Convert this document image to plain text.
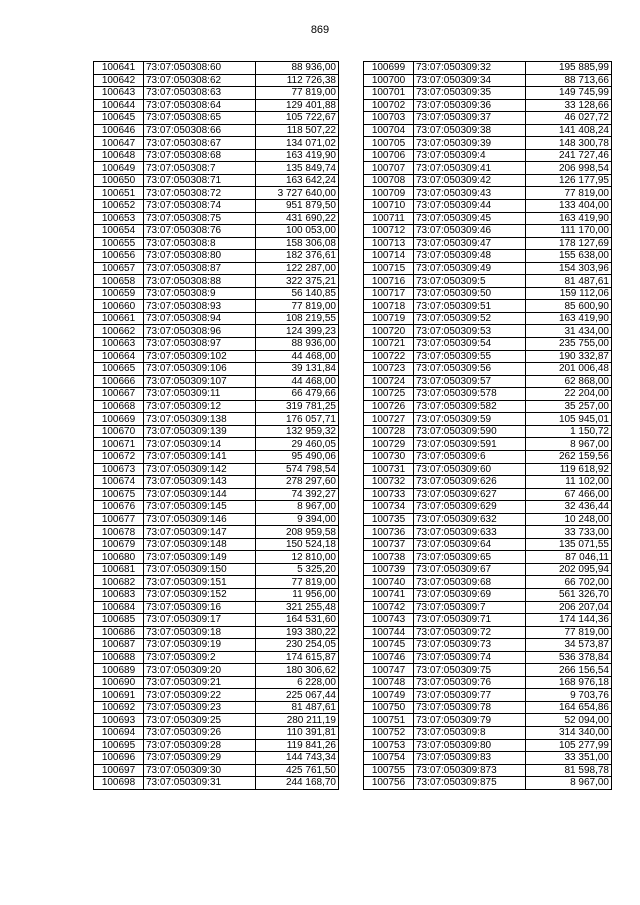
869
100641	73:07:050308:60	88 936,00
100642	73:07:050308:62	112 726,38
100643	73:07:050308:63	77 819,00
100644	73:07:050308:64	129 401,88
100645	73:07:050308:65	105 722,67
100646	73:07:050308:66	118 507,22
100647	73:07:050308:67	134 071,02
100648	73:07:050308:68	163 419,90
100649	73:07:050308:7	135 849,74
100650	73:07:050308:71	163 642,24
100651	73:07:050308:72	3 727 640,00
100652	73:07:050308:74	951 879,50
100653	73:07:050308:75	431 690,22
100654	73:07:050308:76	100 053,00
100655	73:07:050308:8	158 306,08
100656	73:07:050308:80	182 376,61
100657	73:07:050308:87	122 287,00
100658	73:07:050308:88	322 375,21
100659	73:07:050308:9	56 140,85
100660	73:07:050308:93	77 819,00
100661	73:07:050308:94	108 219,55
100662	73:07:050308:96	124 399,23
100663	73:07:050308:97	88 936,00
100664	73:07:050309:102	44 468,00
100665	73:07:050309:106	39 131,84
100666	73:07:050309:107	44 468,00
100667	73:07:050309:11	66 479,66
100668	73:07:050309:12	319 781,25
100669	73:07:050309:138	176 057,71
100670	73:07:050309:139	132 959,32
100671	73:07:050309:14	29 460,05
100672	73:07:050309:141	95 490,06
100673	73:07:050309:142	574 798,54
100674	73:07:050309:143	278 297,60
100675	73:07:050309:144	74 392,27
100676	73:07:050309:145	8 967,00
100677	73:07:050309:146	9 394,00
100678	73:07:050309:147	208 959,58
100679	73:07:050309:148	150 524,18
100680	73:07:050309:149	12 810,00
100681	73:07:050309:150	5 325,20
100682	73:07:050309:151	77 819,00
100683	73:07:050309:152	11 956,00
100684	73:07:050309:16	321 255,48
100685	73:07:050309:17	164 531,60
100686	73:07:050309:18	193 380,22
100687	73:07:050309:19	230 254,05
100688	73:07:050309:2	174 615,87
100689	73:07:050309:20	180 306,62
100690	73:07:050309:21	6 228,00
100691	73:07:050309:22	225 067,44
100692	73:07:050309:23	81 487,61
100693	73:07:050309:25	280 211,19
100694	73:07:050309:26	110 391,81
100695	73:07:050309:28	119 841,26
100696	73:07:050309:29	144 743,34
100697	73:07:050309:30	425 761,50
100698	73:07:050309:31	244 168,70
100699	73:07:050309:32	195 885,99
100700	73:07:050309:34	88 713,66
100701	73:07:050309:35	149 745,99
100702	73:07:050309:36	33 128,66
100703	73:07:050309:37	46 027,72
100704	73:07:050309:38	141 408,24
100705	73:07:050309:39	148 300,78
100706	73:07:050309:4	241 727,46
100707	73:07:050309:41	206 998,54
100708	73:07:050309:42	126 177,95
100709	73:07:050309:43	77 819,00
100710	73:07:050309:44	133 404,00
100711	73:07:050309:45	163 419,90
100712	73:07:050309:46	111 170,00
100713	73:07:050309:47	178 127,69
100714	73:07:050309:48	155 638,00
100715	73:07:050309:49	154 303,96
100716	73:07:050309:5	81 487,61
100717	73:07:050309:50	159 112,06
100718	73:07:050309:51	85 600,90
100719	73:07:050309:52	163 419,90
100720	73:07:050309:53	31 434,00
100721	73:07:050309:54	235 755,00
100722	73:07:050309:55	190 332,87
100723	73:07:050309:56	201 006,48
100724	73:07:050309:57	62 868,00
100725	73:07:050309:578	22 204,00
100726	73:07:050309:582	35 257,00
100727	73:07:050309:59	105 945,01
100728	73:07:050309:590	1 150,72
100729	73:07:050309:591	8 967,00
100730	73:07:050309:6	262 159,56
100731	73:07:050309:60	119 618,92
100732	73:07:050309:626	11 102,00
100733	73:07:050309:627	67 466,00
100734	73:07:050309:629	32 436,44
100735	73:07:050309:632	10 248,00
100736	73:07:050309:633	33 733,00
100737	73:07:050309:64	135 071,55
100738	73:07:050309:65	87 046,11
100739	73:07:050309:67	202 095,94
100740	73:07:050309:68	66 702,00
100741	73:07:050309:69	561 326,70
100742	73:07:050309:7	206 207,04
100743	73:07:050309:71	174 144,36
100744	73:07:050309:72	77 819,00
100745	73:07:050309:73	34 573,87
100746	73:07:050309:74	536 378,84
100747	73:07:050309:75	266 156,54
100748	73:07:050309:76	168 976,18
100749	73:07:050309:77	9 703,76
100750	73:07:050309:78	164 654,86
100751	73:07:050309:79	52 094,00
100752	73:07:050309:8	314 340,00
100753	73:07:050309:80	105 277,99
100754	73:07:050309:83	33 351,00
100755	73:07:050309:873	81 598,78
100756	73:07:050309:875	8 967,00
